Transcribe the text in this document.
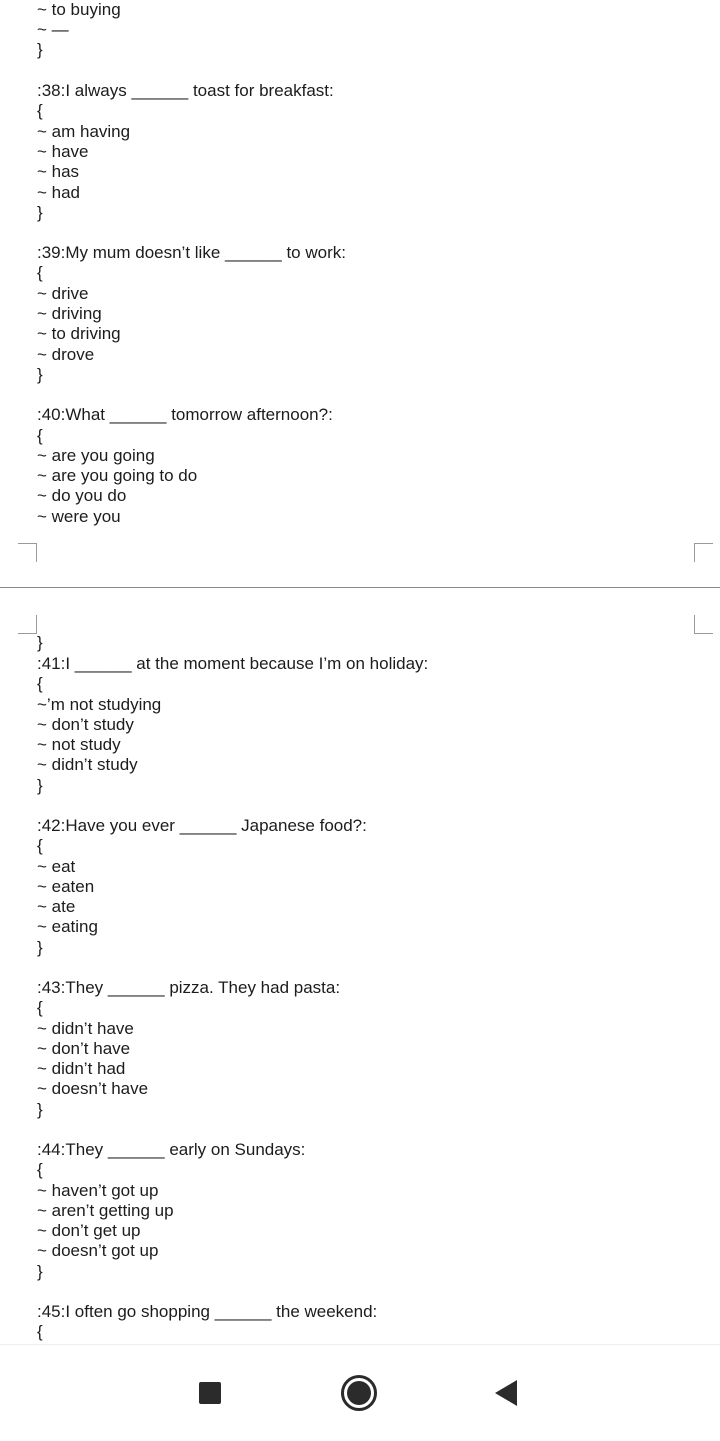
~ to buying
~ —
}
:38:I always ______ toast for breakfast:
{
~ am having
~ have
~ has
~ had
}
:39:My mum doesn’t like ______ to work:
{
~ drive
~ driving
~ to driving
~ drove
}
:40:What ______ tomorrow afternoon?:
{
~ are you going
~ are you going to do
~ do you do
~ were you
}
:41:I ______ at the moment because I’m on holiday:
{
~’m not studying
~ don’t study
~ not study
~ didn’t study
}
:42:Have you ever ______ Japanese food?:
{
~ eat
~ eaten
~ ate
~ eating
}
:43:They ______ pizza. They had pasta:
{
~ didn’t have
~ don’t have
~ didn’t had
~ doesn’t have
}
:44:They ______ early on Sundays:
{
~ haven’t got up
~ aren’t getting up
~ don’t get up
~ doesn’t got up
}
:45:I often go shopping ______ the weekend:
{
